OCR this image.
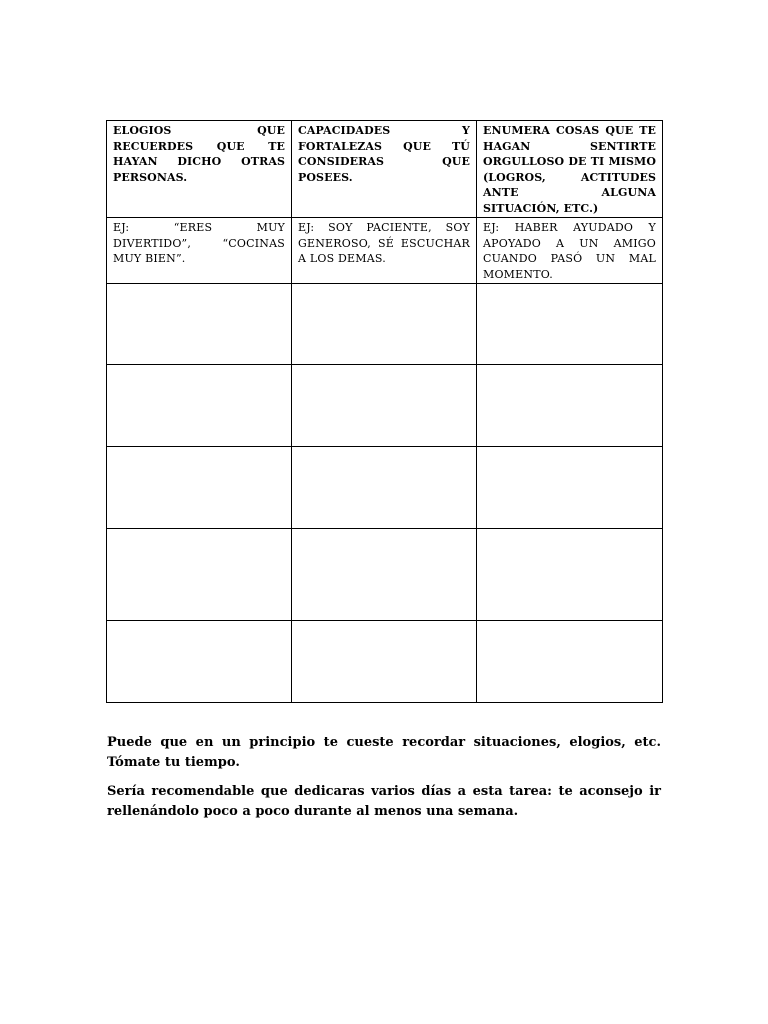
ELOGIOS QUE RECUERDES QUE TE HAYAN DICHO OTRAS PERSONAS.	CAPACIDADES Y FORTALEZAS QUE TÚ CONSIDERAS QUE POSEES.	ENUMERA COSAS QUE TE HAGAN SENTIRTE ORGULLOSO DE TI MISMO (LOGROS, ACTITUDES ANTE ALGUNA SITUACIÓN, ETC.)
EJ: “ERES MUY DIVERTIDO”, “COCINAS MUY BIEN”.	EJ: SOY PACIENTE, SOY GENEROSO, SÉ ESCUCHAR A LOS DEMAS.	EJ: HABER AYUDADO Y APOYADO A UN AMIGO CUANDO PASÓ UN MAL MOMENTO.

Puede que en un principio te cueste recordar situaciones, elogios, etc. Tómate tu tiempo.

Sería recomendable que dedicaras varios días a esta tarea: te aconsejo ir rellenándolo poco a poco durante al menos una semana.
